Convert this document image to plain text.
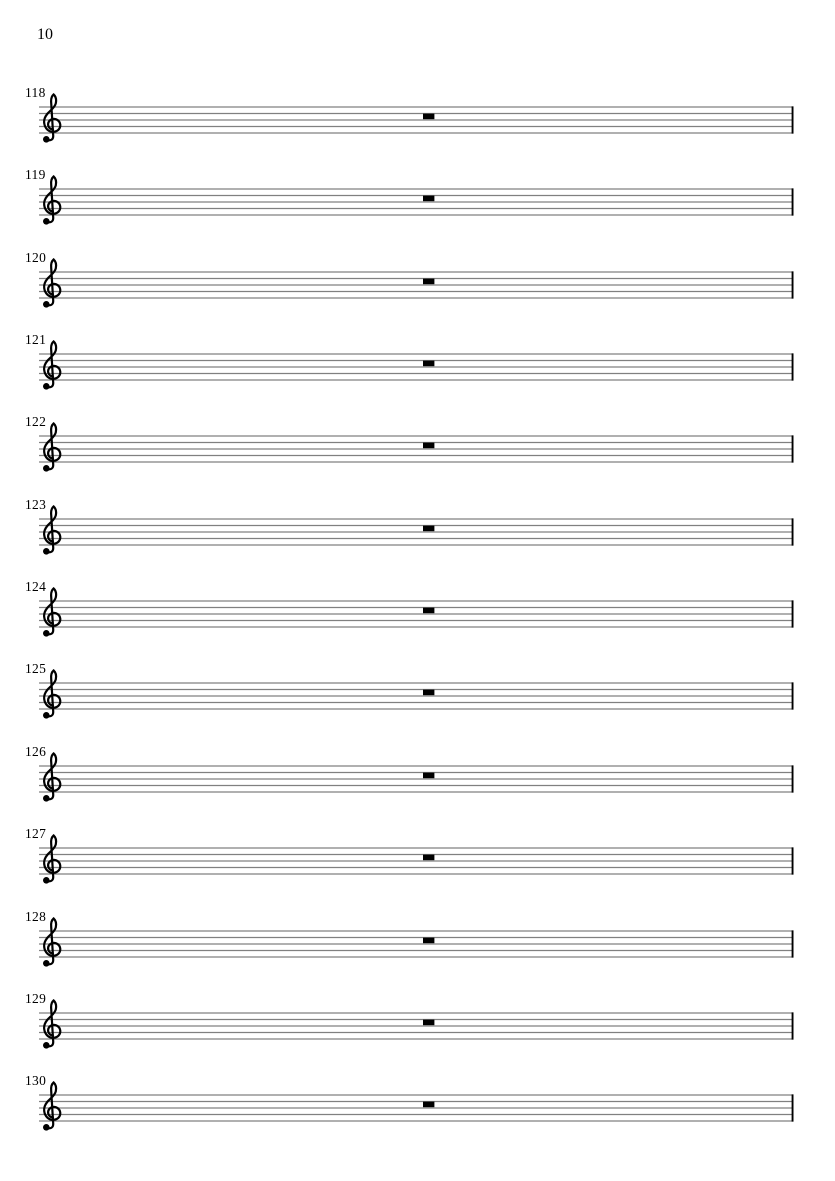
10
118
119
120
121
122
123
124
125
126
127
128
129
130
